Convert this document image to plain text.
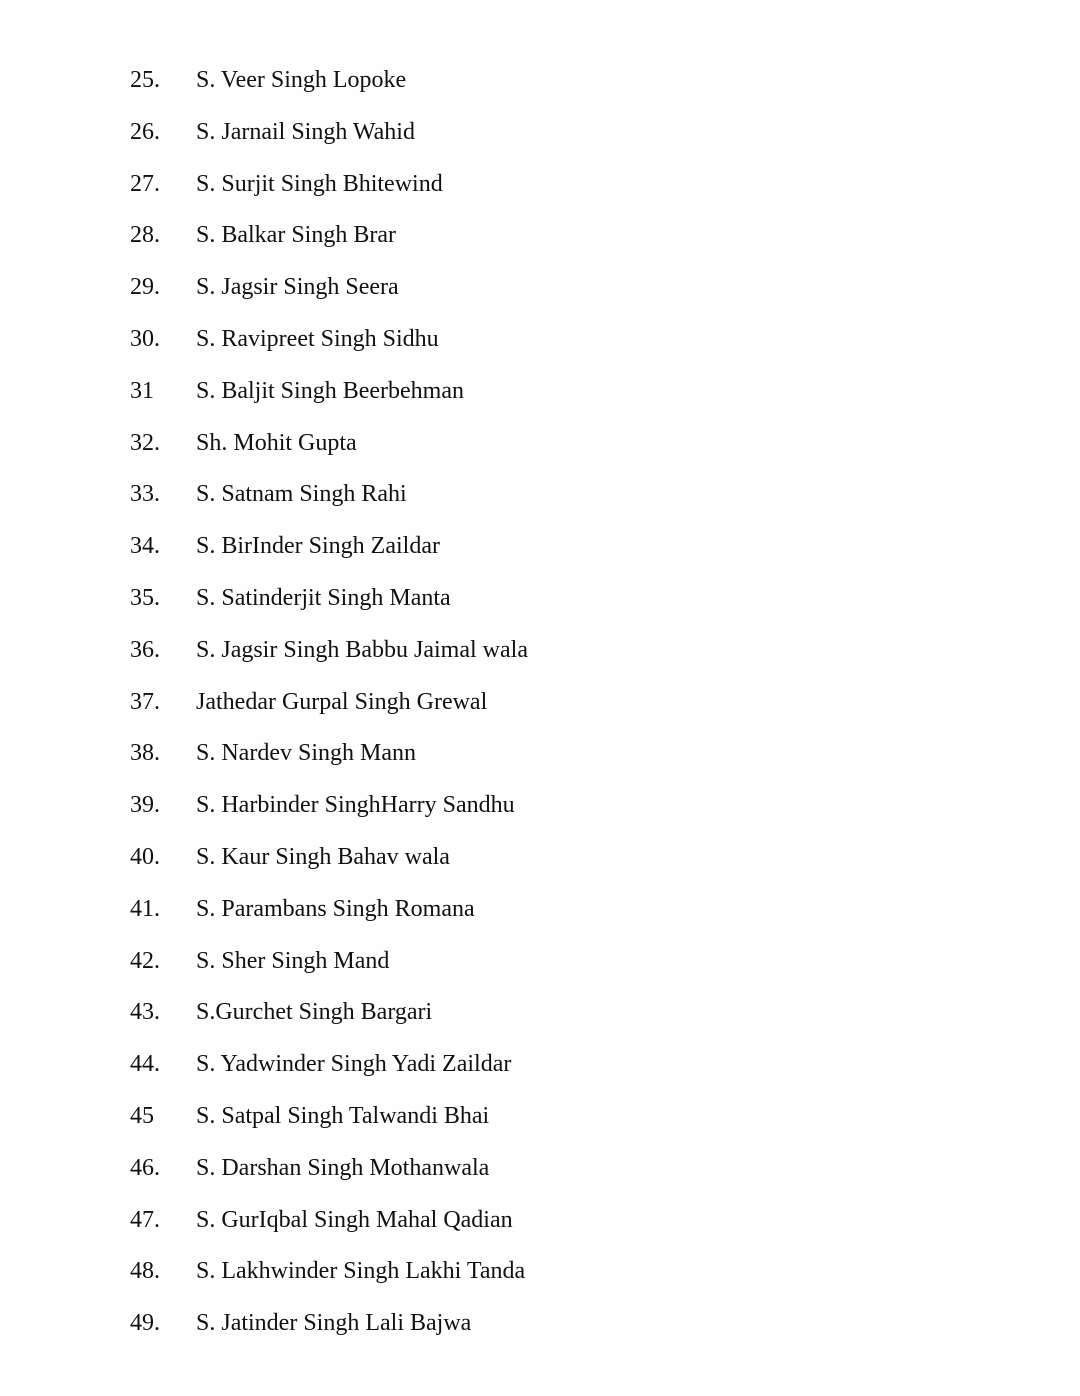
25.	S. Veer Singh Lopoke
26.	S. Jarnail Singh Wahid
27.	S. Surjit Singh Bhitewind
28.	S. Balkar Singh Brar
29.	S. Jagsir Singh Seera
30.	S. Ravipreet Singh Sidhu
31	S. Baljit Singh Beerbehman
32.	Sh. Mohit Gupta
33.	S. Satnam Singh Rahi
34.	S. BirInder Singh Zaildar
35.	S. Satinderjit Singh Manta
36.	S. Jagsir Singh Babbu Jaimal wala
37.	Jathedar Gurpal Singh Grewal
38.	S. Nardev Singh Mann
39.	S. Harbinder SinghHarry Sandhu
40.	S. Kaur Singh Bahav wala
41.	S. Parambans Singh Romana
42.	S. Sher Singh Mand
43.	S.Gurchet Singh Bargari
44.	S. Yadwinder Singh Yadi Zaildar
45	S. Satpal Singh Talwandi Bhai
46.	S. Darshan Singh Mothanwala
47.	S. GurIqbal Singh Mahal Qadian
48.	S. Lakhwinder Singh Lakhi Tanda
49.	S. Jatinder Singh Lali Bajwa
